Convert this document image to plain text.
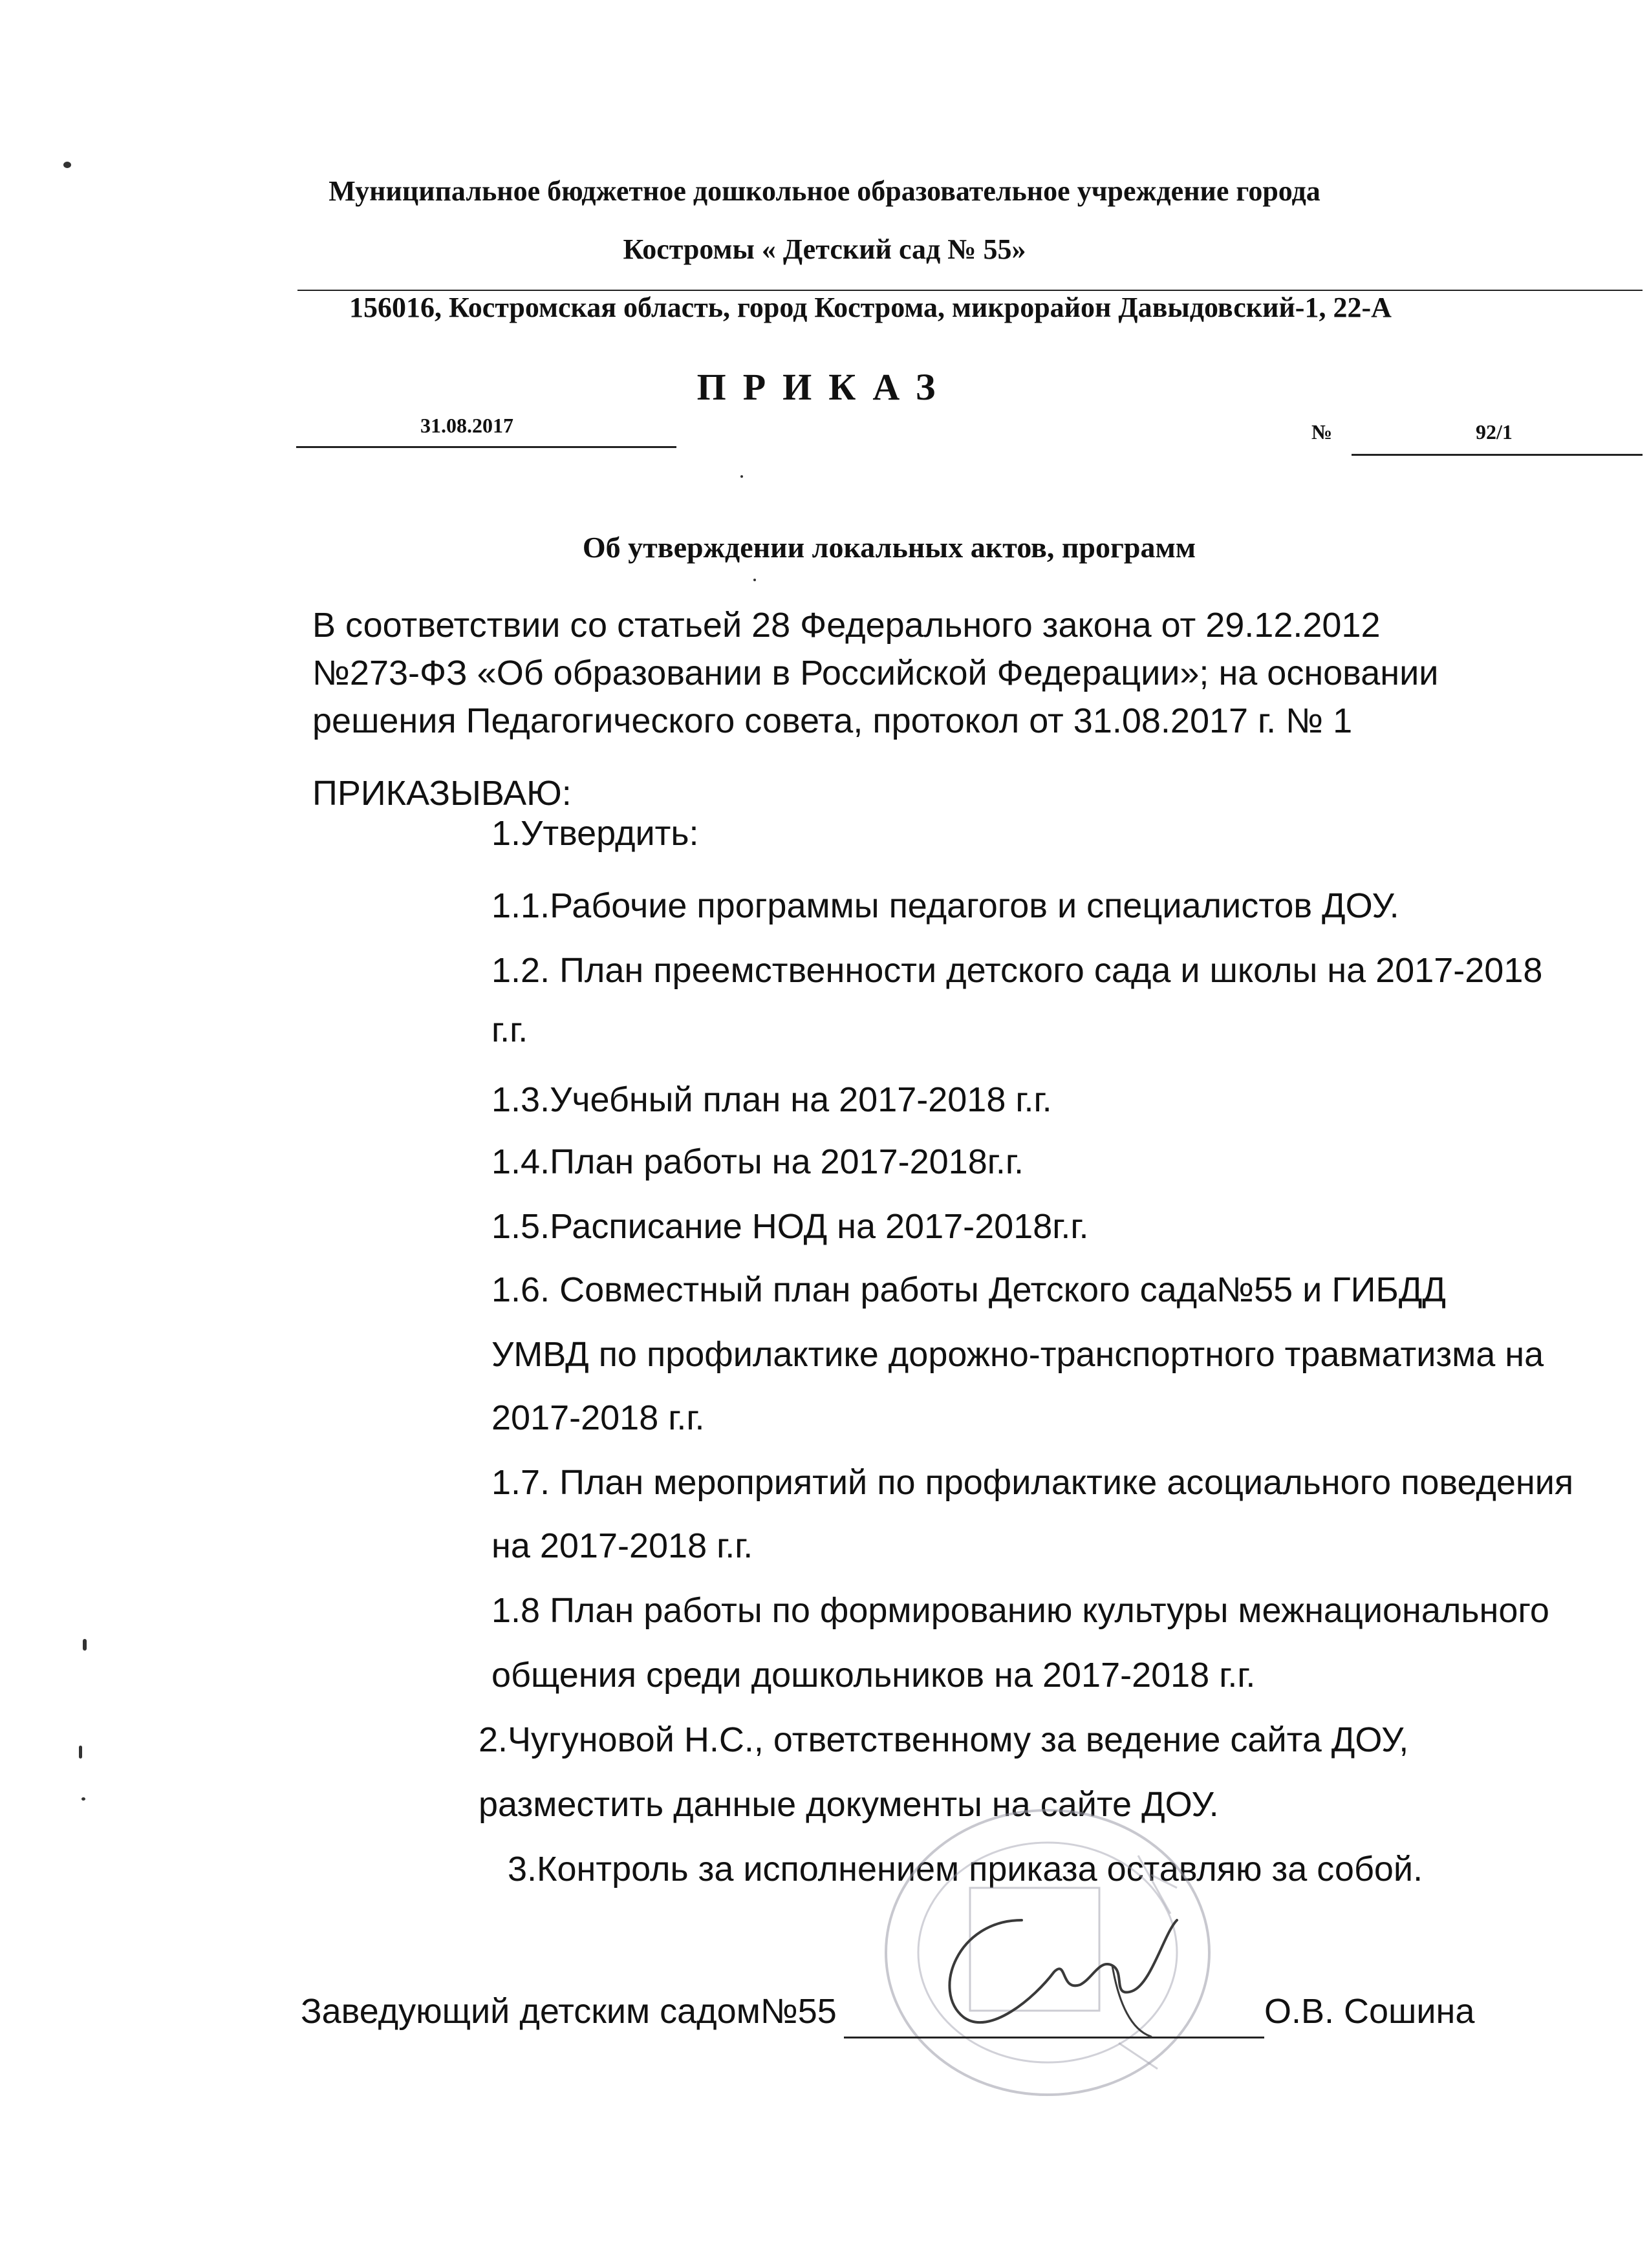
Муниципальное бюджетное дошкольное образовательное учреждение города
Костромы « Детский сад № 55»
156016, Костромская область, город Кострома, микрорайон Давыдовский-1, 22-А
ПРИКАЗ
31.08.2017	№	92/1
Об утверждении локальных актов, программ
В соответствии со статьей 28 Федерального закона от 29.12.2012
№273-ФЗ «Об образовании в Российской Федерации»; на основании
решения Педагогического совета, протокол от 31.08.2017 г. № 1
ПРИКАЗЫВАЮ:
1.Утвердить:
1.1.Рабочие программы педагогов и специалистов ДОУ.
1.2. План преемственности детского сада и школы на 2017-2018
г.г.
1.3.Учебный план на 2017-2018 г.г.
1.4.План работы на 2017-2018г.г.
1.5.Расписание НОД на 2017-2018г.г.
1.6. Совместный план работы Детского сада№55 и ГИБДД
УМВД по профилактике дорожно-транспортного травматизма на
2017-2018 г.г.
1.7. План мероприятий по профилактике асоциального поведения
на 2017-2018 г.г.
1.8 План работы по формированию культуры межнационального
общения среди дошкольников на 2017-2018 г.г.
2.Чугуновой Н.С., ответственному за ведение сайта ДОУ,
разместить данные документы на сайте ДОУ.
3.Контроль за исполнением приказа оставляю за собой.
Заведующий детским садом№55	О.В. Сошина
